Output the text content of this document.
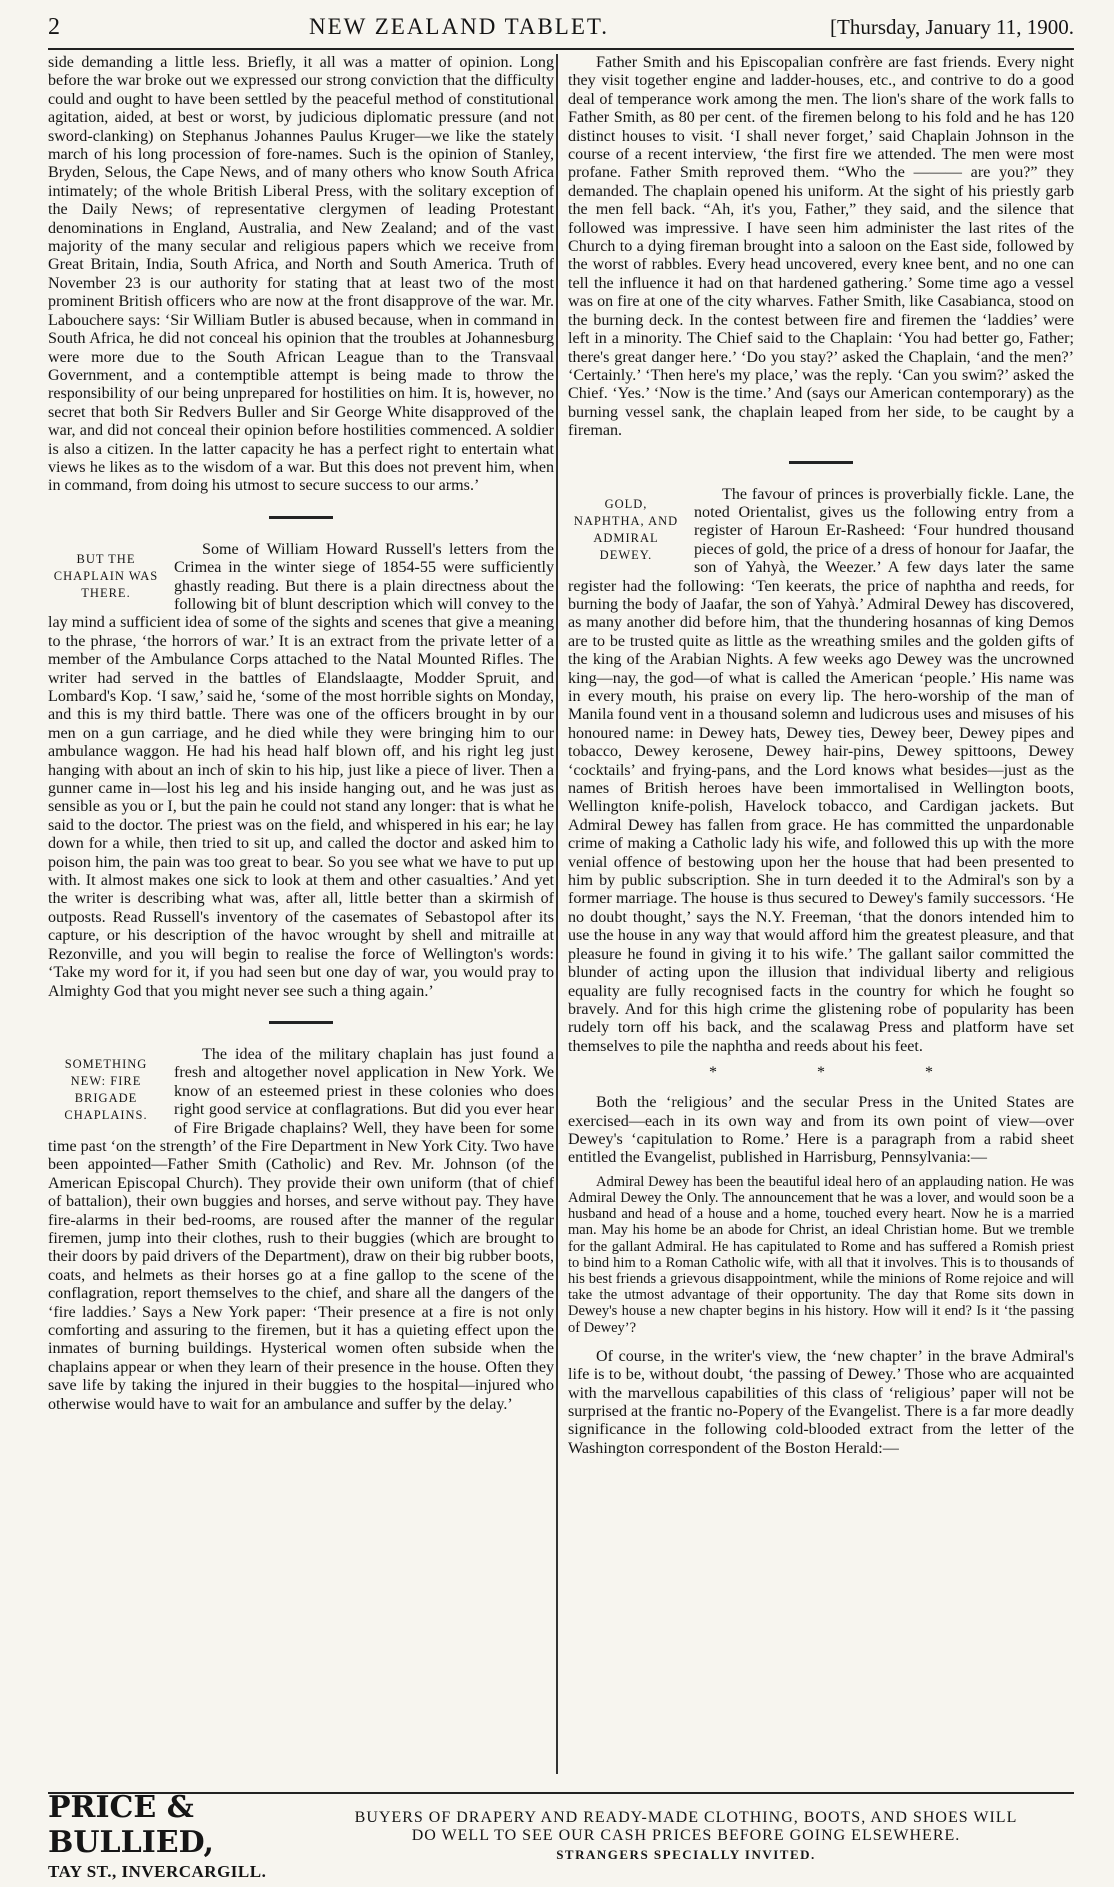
2	NEW ZEALAND TABLET.	[Thursday, January 11, 1900.

side demanding a little less. Briefly, it all was a matter of opinion. Long before the war broke out we expressed our strong conviction that the difficulty could and ought to have been settled by the peaceful method of constitutional agitation, aided, at best or worst, by judicious diplomatic pressure (and not sword-clanking) on Stephanus Johannes Paulus Kruger—we like the stately march of his long procession of fore-names. Such is the opinion of Stanley, Bryden, Selous, the Cape News, and of many others who know South Africa intimately; of the whole British Liberal Press, with the solitary exception of the Daily News; of representative clergymen of leading Protestant denominations in England, Australia, and New Zealand; and of the vast majority of the many secular and religious papers which we receive from Great Britain, India, South Africa, and North and South America. Truth of November 23 is our authority for stating that at least two of the most prominent British officers who are now at the front disapprove of the war. Mr. Labouchere says: ‘Sir William Butler is abused because, when in command in South Africa, he did not conceal his opinion that the troubles at Johannesburg were more due to the South African League than to the Transvaal Government, and a contemptible attempt is being made to throw the responsibility of our being unprepared for hostilities on him. It is, however, no secret that both Sir Redvers Buller and Sir George White disapproved of the war, and did not conceal their opinion before hostilities commenced. A soldier is also a citizen. In the latter capacity he has a perfect right to entertain what views he likes as to the wisdom of a war. But this does not prevent him, when in command, from doing his utmost to secure success to our arms.’

BUT THE CHAPLAIN WAS THERE.

Some of William Howard Russell's letters from the Crimea in the winter siege of 1854-55 were sufficiently ghastly reading. But there is a plain directness about the following bit of blunt description which will convey to the lay mind a sufficient idea of some of the sights and scenes that give a meaning to the phrase, ‘the horrors of war.’ It is an extract from the private letter of a member of the Ambulance Corps attached to the Natal Mounted Rifles. The writer had served in the battles of Elandslaagte, Modder Spruit, and Lombard's Kop. ‘I saw,’ said he, ‘some of the most horrible sights on Monday, and this is my third battle. There was one of the officers brought in by our men on a gun carriage, and he died while they were bringing him to our ambulance waggon. He had his head half blown off, and his right leg just hanging with about an inch of skin to his hip, just like a piece of liver. Then a gunner came in—lost his leg and his inside hanging out, and he was just as sensible as you or I, but the pain he could not stand any longer: that is what he said to the doctor. The priest was on the field, and whispered in his ear; he lay down for a while, then tried to sit up, and called the doctor and asked him to poison him, the pain was too great to bear. So you see what we have to put up with. It almost makes one sick to look at them and other casualties.’ And yet the writer is describing what was, after all, little better than a skirmish of outposts. Read Russell's inventory of the casemates of Sebastopol after its capture, or his description of the havoc wrought by shell and mitraille at Rezonville, and you will begin to realise the force of Wellington's words: ‘Take my word for it, if you had seen but one day of war, you would pray to Almighty God that you might never see such a thing again.’

SOMETHING NEW: FIRE BRIGADE CHAPLAINS.

The idea of the military chaplain has just found a fresh and altogether novel application in New York. We know of an esteemed priest in these colonies who does right good service at conflagrations. But did you ever hear of Fire Brigade chaplains? Well, they have been for some time past ‘on the strength’ of the Fire Department in New York City. Two have been appointed—Father Smith (Catholic) and Rev. Mr. Johnson (of the American Episcopal Church). They provide their own uniform (that of chief of battalion), their own buggies and horses, and serve without pay. They have fire-alarms in their bed-rooms, are roused after the manner of the regular firemen, jump into their clothes, rush to their buggies (which are brought to their doors by paid drivers of the Department), draw on their big rubber boots, coats, and helmets as their horses go at a fine gallop to the scene of the conflagration, report themselves to the chief, and share all the dangers of the ‘fire laddies.’ Says a New York paper: ‘Their presence at a fire is not only comforting and assuring to the firemen, but it has a quieting effect upon the inmates of burning buildings. Hysterical women often subside when the chaplains appear or when they learn of their presence in the house. Often they save life by taking the injured in their buggies to the hospital—injured who otherwise would have to wait for an ambulance and suffer by the delay.’

Father Smith and his Episcopalian confrère are fast friends. Every night they visit together engine and ladder-houses, etc., and contrive to do a good deal of temperance work among the men. The lion's share of the work falls to Father Smith, as 80 per cent. of the firemen belong to his fold and he has 120 distinct houses to visit. ‘I shall never forget,’ said Chaplain Johnson in the course of a recent interview, ‘the first fire we attended. The men were most profane. Father Smith reproved them. “Who the ——— are you?” they demanded. The chaplain opened his uniform. At the sight of his priestly garb the men fell back. “Ah, it's you, Father,” they said, and the silence that followed was impressive. I have seen him administer the last rites of the Church to a dying fireman brought into a saloon on the East side, followed by the worst of rabbles. Every head uncovered, every knee bent, and no one can tell the influence it had on that hardened gathering.’ Some time ago a vessel was on fire at one of the city wharves. Father Smith, like Casabianca, stood on the burning deck. In the contest between fire and firemen the ‘laddies’ were left in a minority. The Chief said to the Chaplain: ‘You had better go, Father; there's great danger here.’ ‘Do you stay?’ asked the Chaplain, ‘and the men?’ ‘Certainly.’ ‘Then here's my place,’ was the reply. ‘Can you swim?’ asked the Chief. ‘Yes.’ ‘Now is the time.’ And (says our American contemporary) as the burning vessel sank, the chaplain leaped from her side, to be caught by a fireman.

GOLD, NAPHTHA, AND ADMIRAL DEWEY.

The favour of princes is proverbially fickle. Lane, the noted Orientalist, gives us the following entry from a register of Haroun Er-Rasheed: ‘Four hundred thousand pieces of gold, the price of a dress of honour for Jaafar, the son of Yahyà, the Weezer.’ A few days later the same register had the following: ‘Ten keerats, the price of naphtha and reeds, for burning the body of Jaafar, the son of Yahyà.’ Admiral Dewey has discovered, as many another did before him, that the thundering hosannas of king Demos are to be trusted quite as little as the wreathing smiles and the golden gifts of the king of the Arabian Nights. A few weeks ago Dewey was the uncrowned king—nay, the god—of what is called the American ‘people.’ His name was in every mouth, his praise on every lip. The hero-worship of the man of Manila found vent in a thousand solemn and ludicrous uses and misuses of his honoured name: in Dewey hats, Dewey ties, Dewey beer, Dewey pipes and tobacco, Dewey kerosene, Dewey hair-pins, Dewey spittoons, Dewey ‘cocktails’ and frying-pans, and the Lord knows what besides—just as the names of British heroes have been immortalised in Wellington boots, Wellington knife-polish, Havelock tobacco, and Cardigan jackets. But Admiral Dewey has fallen from grace. He has committed the unpardonable crime of making a Catholic lady his wife, and followed this up with the more venial offence of bestowing upon her the house that had been presented to him by public subscription. She in turn deeded it to the Admiral's son by a former marriage. The house is thus secured to Dewey's family successors. ‘He no doubt thought,’ says the N.Y. Freeman, ‘that the donors intended him to use the house in any way that would afford him the greatest pleasure, and that pleasure he found in giving it to his wife.’ The gallant sailor committed the blunder of acting upon the illusion that individual liberty and religious equality are fully recognised facts in the country for which he fought so bravely. And for this high crime the glistening robe of popularity has been rudely torn off his back, and the scalawag Press and platform have set themselves to pile the naphtha and reeds about his feet.

* * *

Both the ‘religious’ and the secular Press in the United States are exercised—each in its own way and from its own point of view—over Dewey's ‘capitulation to Rome.’ Here is a paragraph from a rabid sheet entitled the Evangelist, published in Harrisburg, Pennsylvania:—

Admiral Dewey has been the beautiful ideal hero of an applauding nation. He was Admiral Dewey the Only. The announcement that he was a lover, and would soon be a husband and head of a house and a home, touched every heart. Now he is a married man. May his home be an abode for Christ, an ideal Christian home. But we tremble for the gallant Admiral. He has capitulated to Rome and has suffered a Romish priest to bind him to a Roman Catholic wife, with all that it involves. This is to thousands of his best friends a grievous disappointment, while the minions of Rome rejoice and will take the utmost advantage of their opportunity. The day that Rome sits down in Dewey's house a new chapter begins in his history. How will it end? Is it ‘the passing of Dewey’?

Of course, in the writer's view, the ‘new chapter’ in the brave Admiral's life is to be, without doubt, ‘the passing of Dewey.’ Those who are acquainted with the marvellous capabilities of this class of ‘religious’ paper will not be surprised at the frantic no-Popery of the Evangelist. There is a far more deadly significance in the following cold-blooded extract from the letter of the Washington correspondent of the Boston Herald:—

PRICE & BULLIED,
TAY ST., INVERCARGILL.
BUYERS OF DRAPERY AND READY-MADE CLOTHING, BOOTS, AND SHOES WILL
DO WELL TO SEE OUR CASH PRICES BEFORE GOING ELSEWHERE.
STRANGERS SPECIALLY INVITED.
